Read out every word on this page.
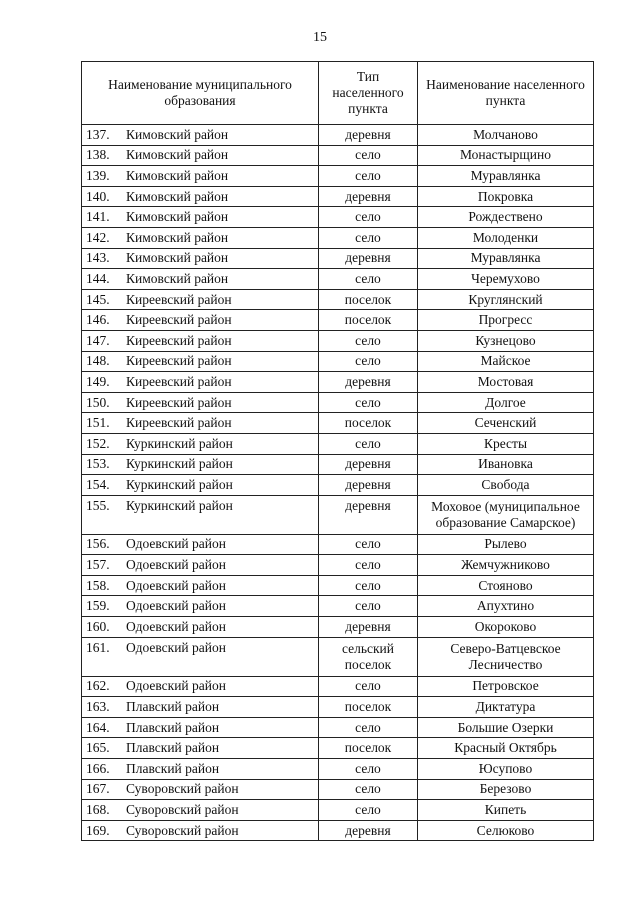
15
Наименование муниципального образования	Тип населенного пункта	Наименование населенного пункта
137. Кимовский район	деревня	Молчаново
138. Кимовский район	село	Монастырщино
139. Кимовский район	село	Муравлянка
140. Кимовский район	деревня	Покровка
141. Кимовский район	село	Рождествено
142. Кимовский район	село	Молоденки
143. Кимовский район	деревня	Муравлянка
144. Кимовский район	село	Черемухово
145. Киреевский район	поселок	Круглянский
146. Киреевский район	поселок	Прогресс
147. Киреевский район	село	Кузнецово
148. Киреевский район	село	Майское
149. Киреевский район	деревня	Мостовая
150. Киреевский район	село	Долгое
151. Киреевский район	поселок	Сеченский
152. Куркинский район	село	Кресты
153. Куркинский район	деревня	Ивановка
154. Куркинский район	деревня	Свобода
155. Куркинский район	деревня	Моховое (муниципальное образование Самарское)
156. Одоевский район	село	Рылево
157. Одоевский район	село	Жемчужниково
158. Одоевский район	село	Стояново
159. Одоевский район	село	Апухтино
160. Одоевский район	деревня	Окороково
161. Одоевский район	сельский поселок	Северо-Ватцевское Лесничество
162. Одоевский район	село	Петровское
163. Плавский район	поселок	Диктатура
164. Плавский район	село	Большие Озерки
165. Плавский район	поселок	Красный Октябрь
166. Плавский район	село	Юсупово
167. Суворовский район	село	Березово
168. Суворовский район	село	Кипеть
169. Суворовский район	деревня	Селюково
